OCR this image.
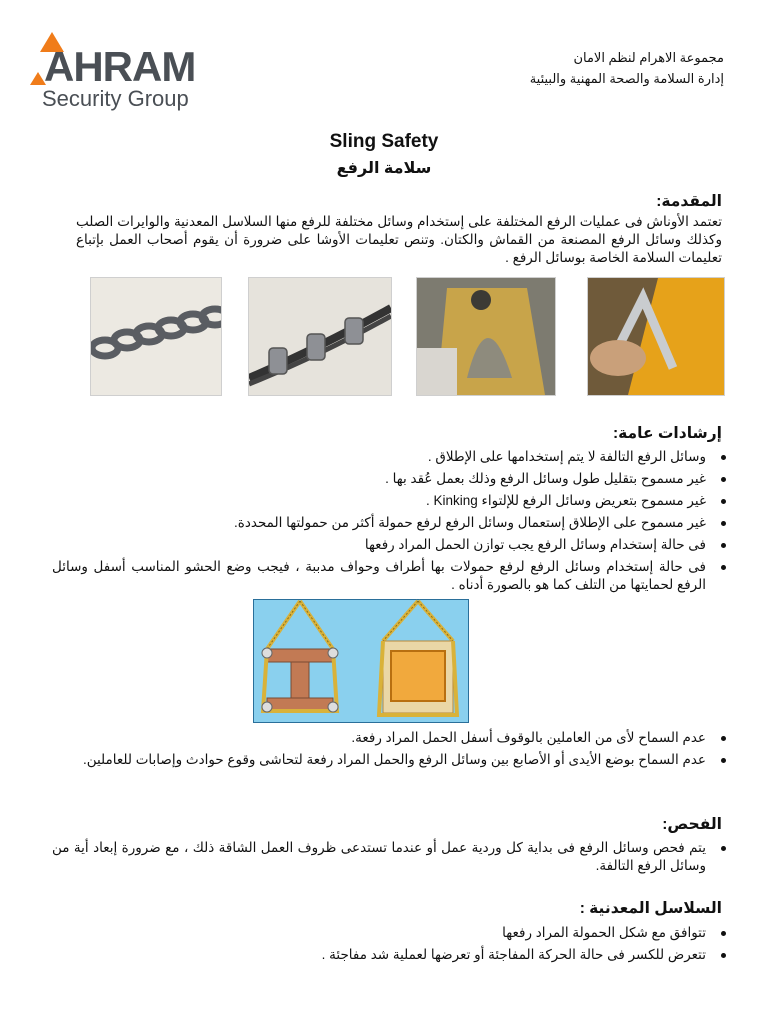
AHRAM
Security Group
مجموعة الاهرام لنظم الامان
إدارة السلامة والصحة المهنية والبيئية
Sling Safety
سلامة الرفع
المقدمة:
تعتمد الأوناش فى عمليات الرفع المختلفة على إستخدام وسائل مختلفة للرفع منها السلاسل المعدنية والوايرات الصلب وكذلك وسائل الرفع المصنعة من القماش والكتان. وتنص تعليمات الأوشا على ضرورة أن يقوم أصحاب العمل بإتباع تعليمات السلامة الخاصة بوسائل الرفع .
إرشادات عامة:
وسائل الرفع التالفة لا يتم إستخدامها على الإطلاق .
غير مسموح بتقليل طول وسائل الرفع وذلك بعمل عُقد بها .
غير مسموح بتعريض وسائل الرفع للإلتواء Kinking .
غير مسموح على الإطلاق إستعمال وسائل الرفع لرفع حمولة أكثر من حمولتها المحددة.
فى حالة إستخدام وسائل الرفع يجب توازن الحمل المراد رفعها
فى حالة إستخدام وسائل الرفع لرفع حمولات بها أطراف وحواف مدببة ، فيجب وضع الحشو المناسب أسفل وسائل الرفع لحمايتها من التلف كما هو بالصورة أدناه .
عدم السماح لأى من العاملين بالوقوف أسفل الحمل المراد رفعة.
عدم السماح بوضع الأيدى أو الأصابع بين وسائل الرفع والحمل المراد رفعة لتحاشى وقوع حوادث وإصابات للعاملين.
الفحص:
يتم فحص وسائل الرفع فى بداية كل وردية عمل أو عندما تستدعى ظروف العمل الشاقة ذلك ، مع ضرورة إبعاد أية من وسائل الرفع التالفة.
السلاسل المعدنية :
تتوافق مع شكل الحمولة المراد رفعها
تتعرض للكسر فى حالة الحركة المفاجئة أو تعرضها لعملية شد مفاجئة .
